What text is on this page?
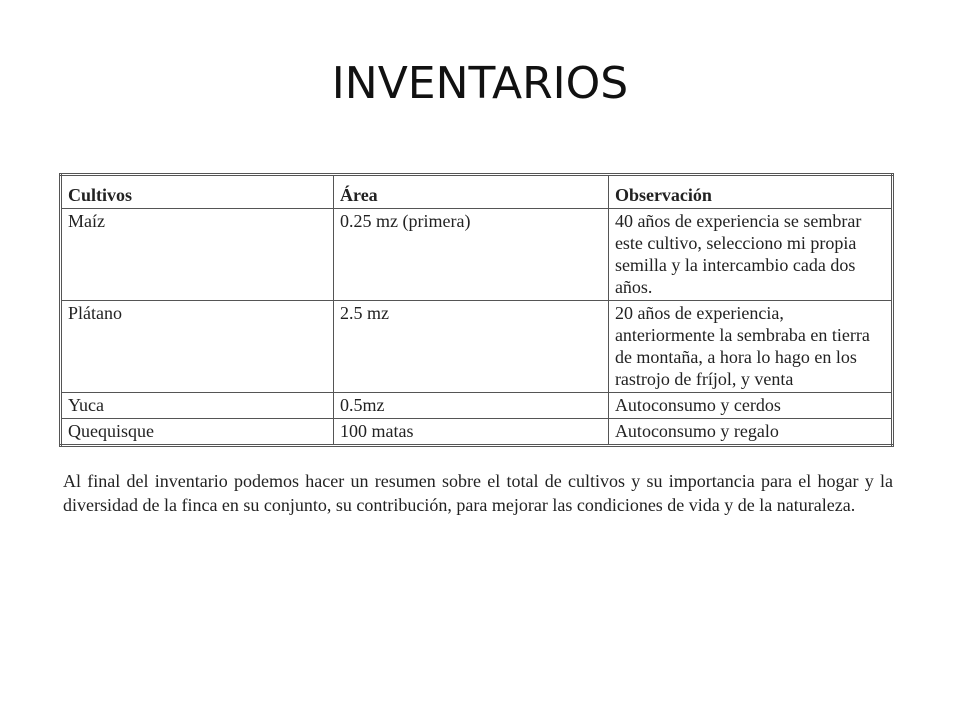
INVENTARIOS
Cultivos	Área	Observación
Maíz	0.25 mz (primera)	40 años de experiencia se sembrar este cultivo, selecciono mi propia semilla y la intercambio cada dos años.
Plátano	2.5 mz	20 años de experiencia, anteriormente la sembraba en tierra de montaña, a hora lo hago en los rastrojo de fríjol, y venta
Yuca	0.5mz	Autoconsumo y cerdos
Quequisque	100 matas	Autoconsumo y regalo

Al final del inventario podemos hacer un resumen sobre el total de cultivos y su importancia para el hogar y la diversidad de la finca en su conjunto, su contribución, para mejorar las condiciones de vida y de la naturaleza.
